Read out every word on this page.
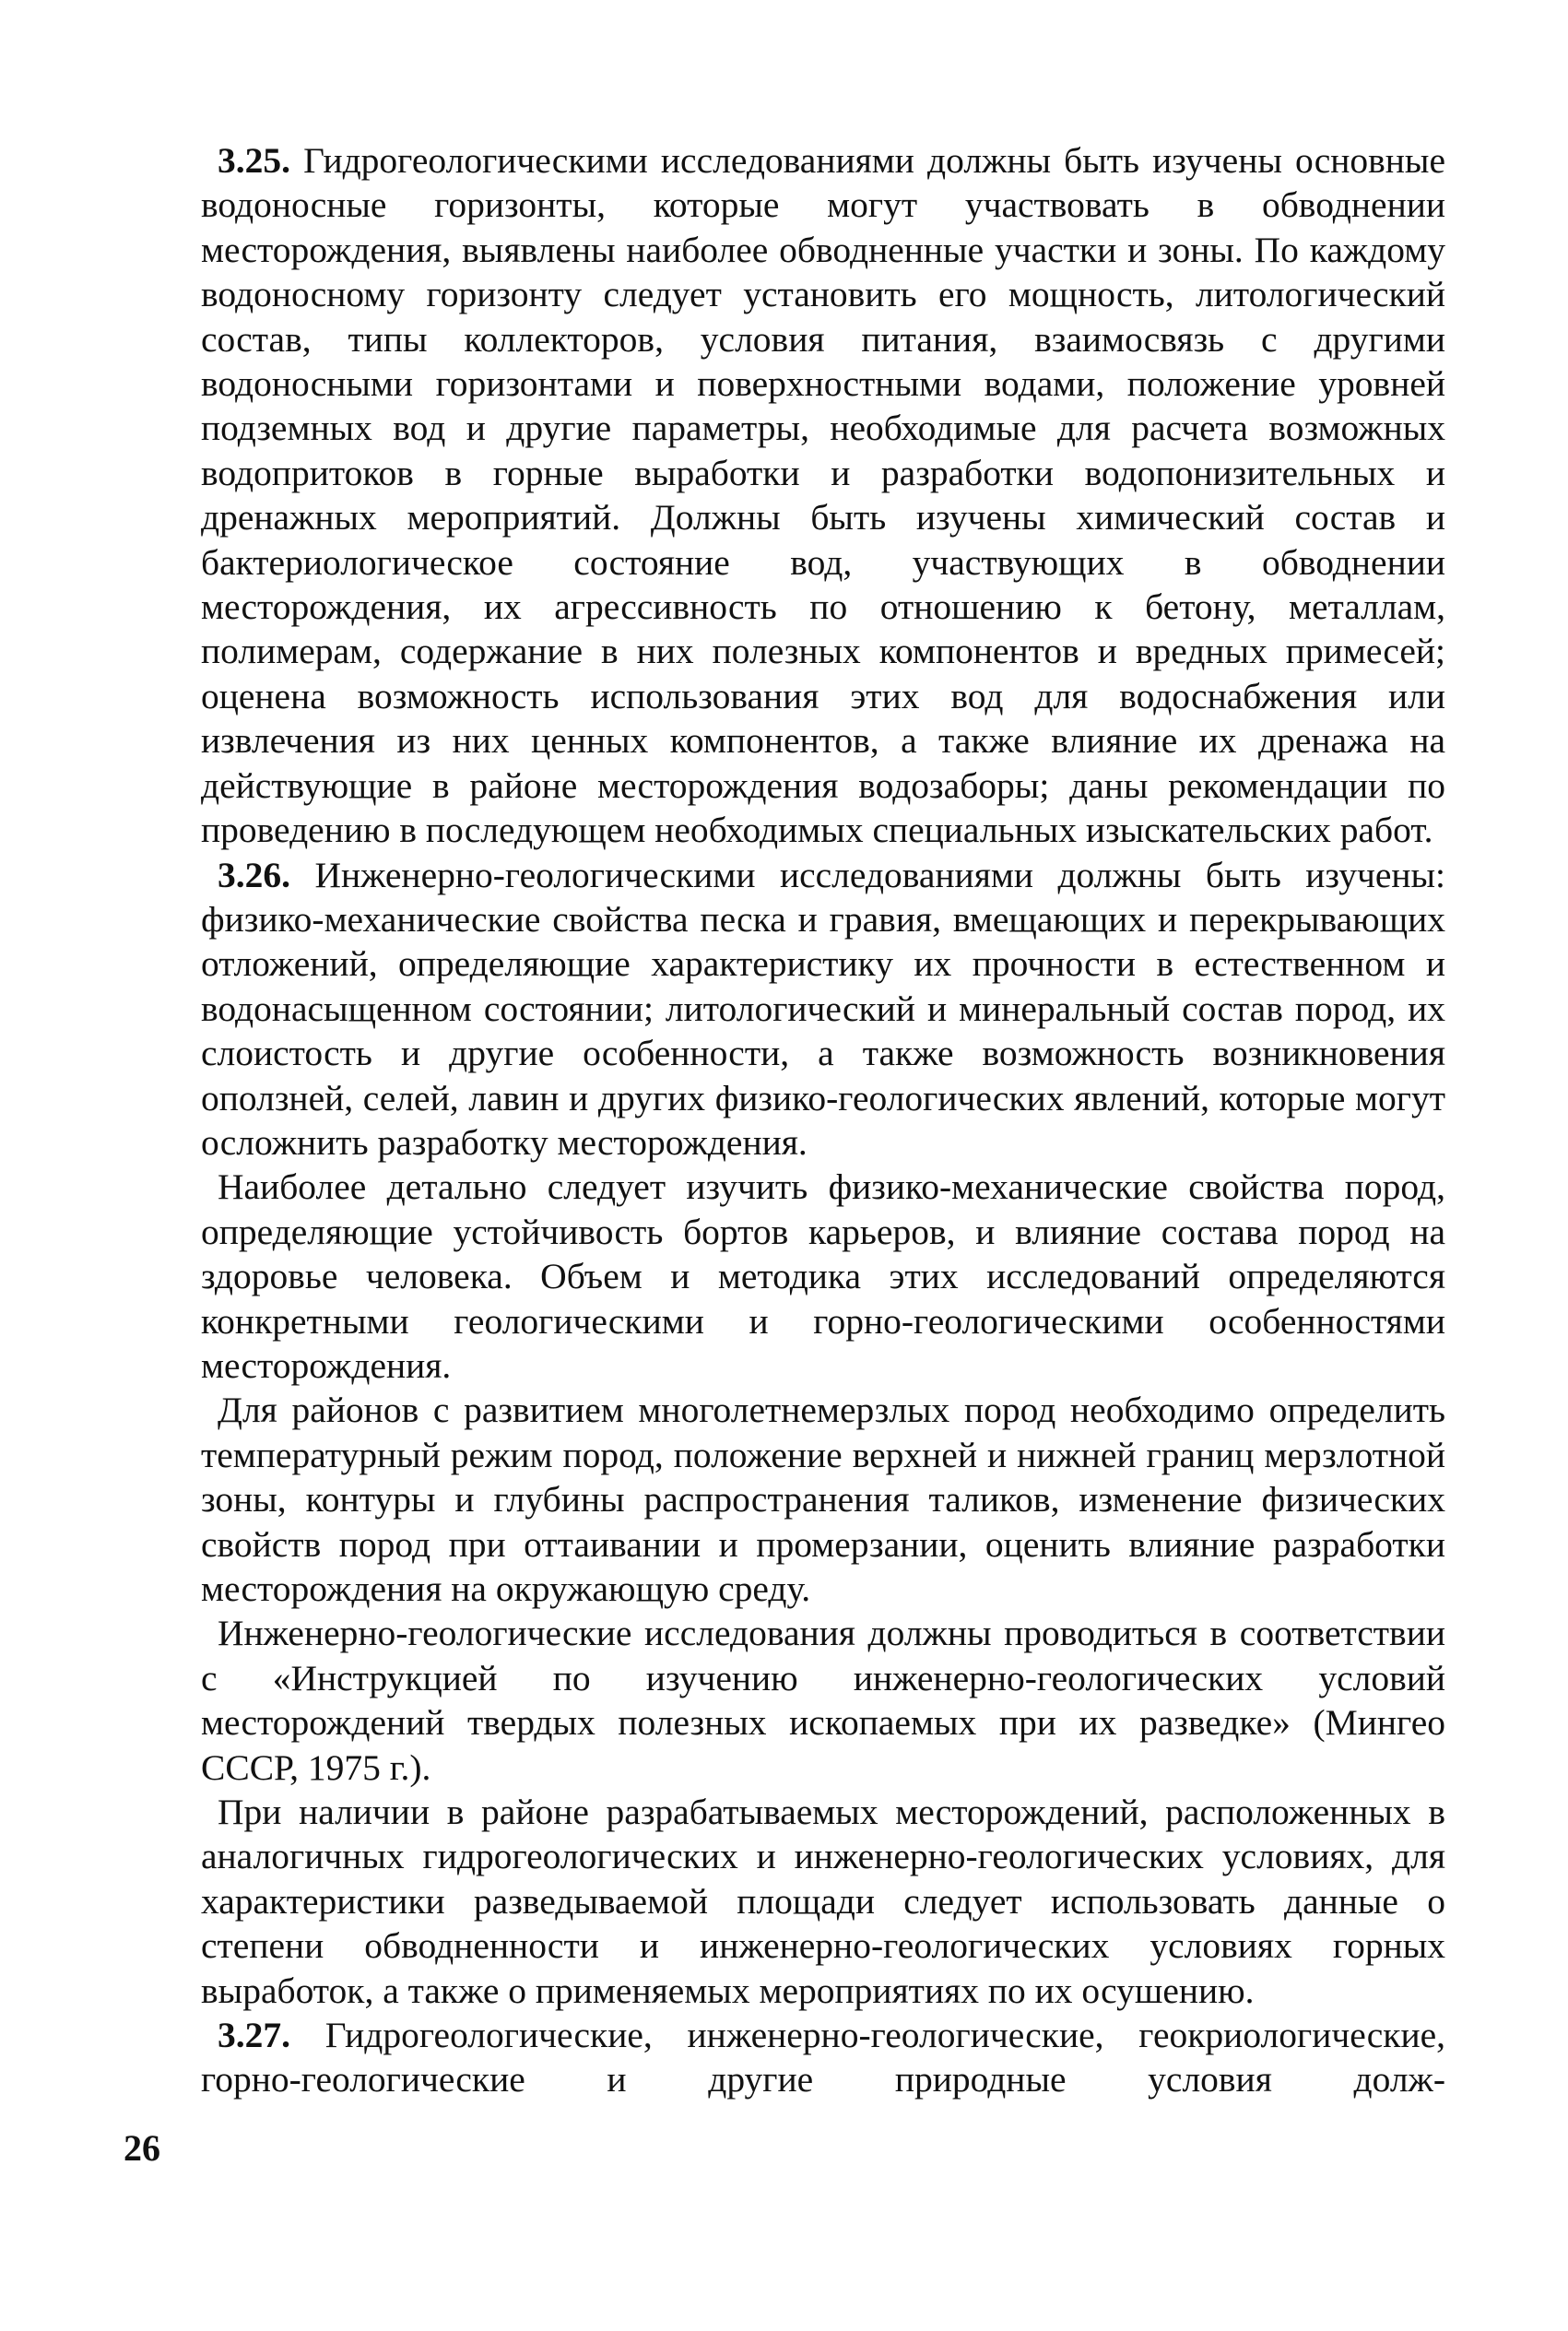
3.25. Гидрогеологическими исследованиями должны быть изучены основные водоносные горизонты, которые могут участвовать в обводнении месторождения, выявлены наиболее обводненные участки и зоны. По каждому водоносному горизонту следует установить его мощность, литологический состав, типы коллекторов, условия питания, взаимосвязь с другими водоносными горизонтами и поверхностными водами, положение уровней подземных вод и другие параметры, необходимые для расчета возможных водопритоков в горные выработки и разработки водопонизительных и дренажных мероприятий. Должны быть изучены химический состав и бактериологическое состояние вод, участвующих в обводнении месторождения, их агрессивность по отношению к бетону, металлам, полимерам, содержание в них полезных компонентов и вредных примесей; оценена возможность использования этих вод для водоснабжения или извлечения из них ценных компонентов, а также влияние их дренажа на действующие в районе месторождения водозаборы; даны рекомендации по проведению в последующем необходимых специальных изыскательских работ.

3.26. Инженерно-геологическими исследованиями должны быть изучены: физико-механические свойства песка и гравия, вмещающих и перекрывающих отложений, определяющие характеристику их прочности в естественном и водонасыщенном состоянии; литологический и минеральный состав пород, их слоистость и другие особенности, а также возможность возникновения оползней, селей, лавин и других физико-геологических явлений, которые могут осложнить разработку месторождения.

Наиболее детально следует изучить физико-механические свойства пород, определяющие устойчивость бортов карьеров, и влияние состава пород на здоровье человека. Объем и методика этих исследований определяются конкретными геологическими и горно-геологическими особенностями месторождения.

Для районов с развитием многолетнемерзлых пород необходимо определить температурный режим пород, положение верхней и нижней границ мерзлотной зоны, контуры и глубины распространения таликов, изменение физических свойств пород при оттаивании и промерзании, оценить влияние разработки месторождения на окружающую среду.

Инженерно-геологические исследования должны проводиться в соответствии с «Инструкцией по изучению инженерно-геологических условий месторождений твердых полезных ископаемых при их разведке» (Мингео СССР, 1975 г.).

При наличии в районе разрабатываемых месторождений, расположенных в аналогичных гидрогеологических и инженерно-геологических условиях, для характеристики разведываемой площади следует использовать данные о степени обводненности и инженерно-геологических условиях горных выработок, а также о применяемых мероприятиях по их осушению.

3.27. Гидрогеологические, инженерно-геологические, геокриологические, горно-геологические и другие природные условия долж-

26
